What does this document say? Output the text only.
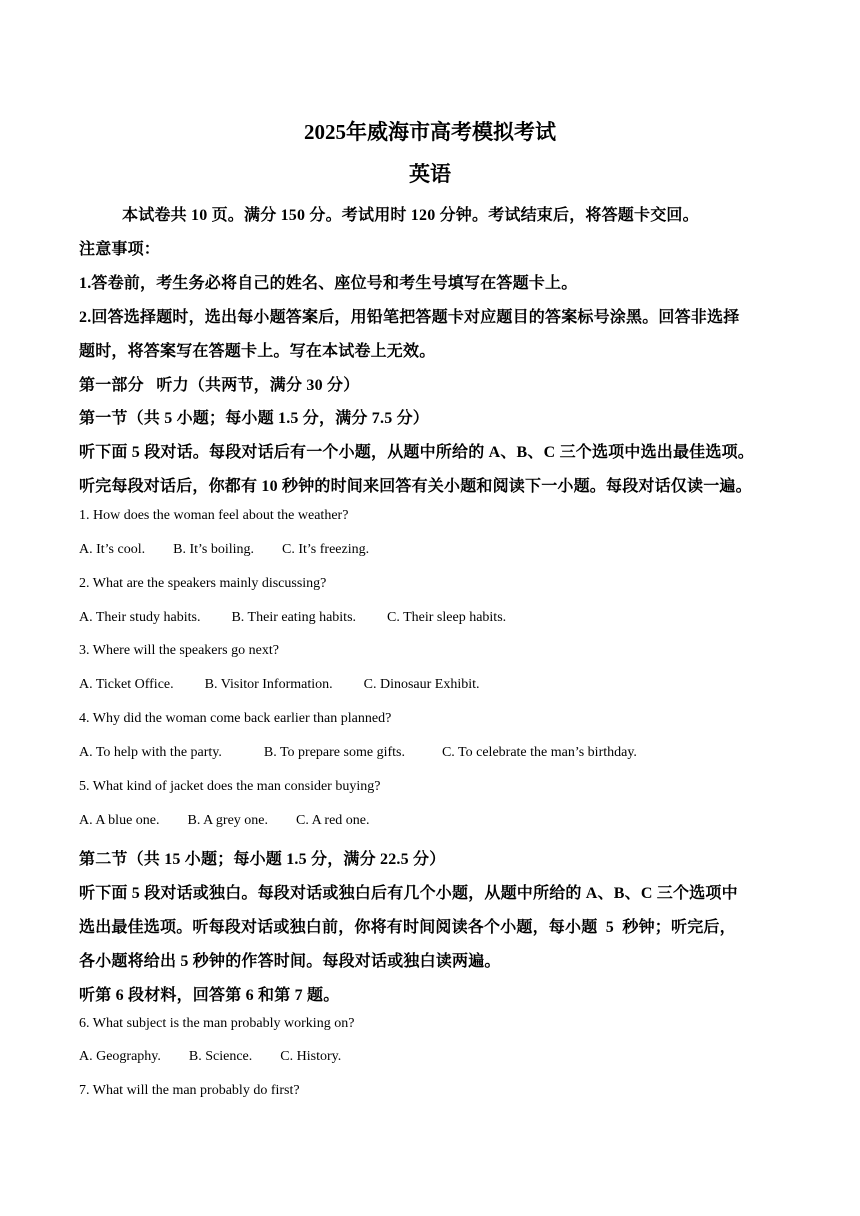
2025年威海市高考模拟考试
英语
本试卷共 10 页。满分 150 分。考试用时 120 分钟。考试结束后，将答题卡交回。
注意事项：
1.答卷前，考生务必将自己的姓名、座位号和考生号填写在答题卡上。
2.回答选择题时，选出每小题答案后，用铅笔把答题卡对应题目的答案标号涂黑。回答非选择
题时，将答案写在答题卡上。写在本试卷上无效。
第一部分   听力（共两节，满分 30 分）
第一节（共 5 小题；每小题 1.5 分，满分 7.5 分）
听下面 5 段对话。每段对话后有一个小题，从题中所给的 A、B、C 三个选项中选出最佳选项。
听完每段对话后，你都有 10 秒钟的时间来回答有关小题和阅读下一小题。每段对话仅读一遍。
1. How does the woman feel about the weather?
A. It’s cool. B. It’s boiling. C. It’s freezing.
2. What are the speakers mainly discussing?
A. Their study habits. B. Their eating habits. C. Their sleep habits.
3. Where will the speakers go next?
A. Ticket Office. B. Visitor Information. C. Dinosaur Exhibit.
4. Why did the woman come back earlier than planned?
A. To help with the party.	B. To prepare some gifts.	C. To celebrate the man’s birthday.
5. What kind of jacket does the man consider buying?
A. A blue one. B. A grey one. C. A red one.
第二节（共 15 小题；每小题 1.5 分，满分 22.5 分）
听下面 5 段对话或独白。每段对话或独白后有几个小题，从题中所给的 A、B、C 三个选项中
选出最佳选项。听每段对话或独白前，你将有时间阅读各个小题，每小题  5  秒钟；听完后，
各小题将给出 5 秒钟的作答时间。每段对话或独白读两遍。
听第 6 段材料，回答第 6 和第 7 题。
6. What subject is the man probably working on?
A. Geography. B. Science. C. History.
7. What will the man probably do first?
